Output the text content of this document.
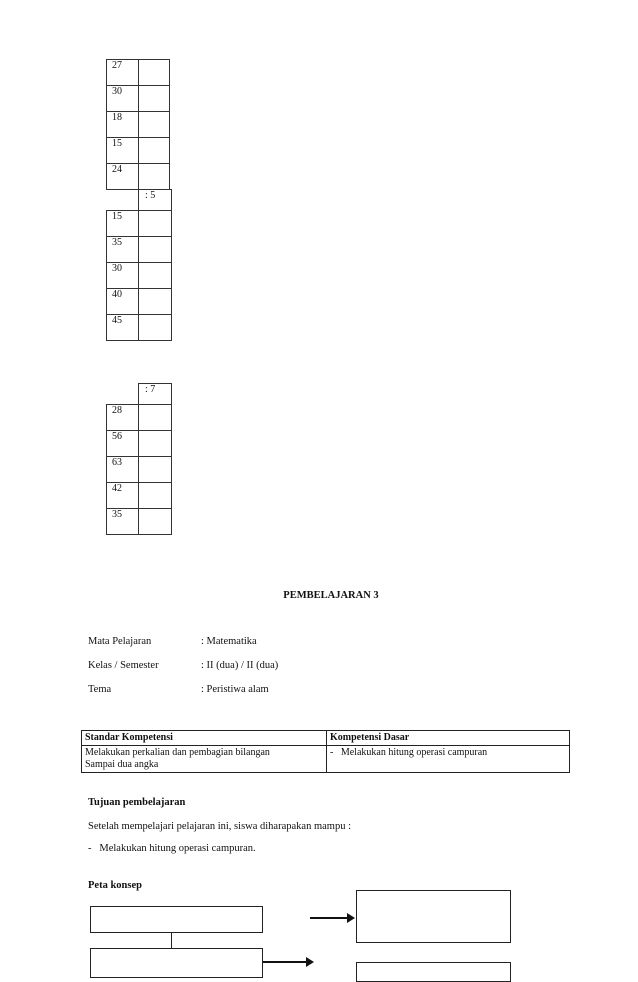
27	
30	
18	
15	
24	
	: 5
15	
35	
30	
40	
45	
	: 7
28	
56	
63	
42	
35	
PEMBELAJARAN 3
Mata Pelajaran	: Matematika
Kelas / Semester	: II (dua) / II (dua)
Tema	: Peristiwa alam
Standar Kompetensi	Kompetensi Dasar

Melakukan perkalian dan pembagian bilangan
Sampai dua angka	-   Melakukan hitung operasi campuran
Tujuan pembelajaran
Setelah mempelajari pelajaran ini, siswa diharapakan mampu :
-   Melakukan hitung operasi campuran.
Peta konsep
